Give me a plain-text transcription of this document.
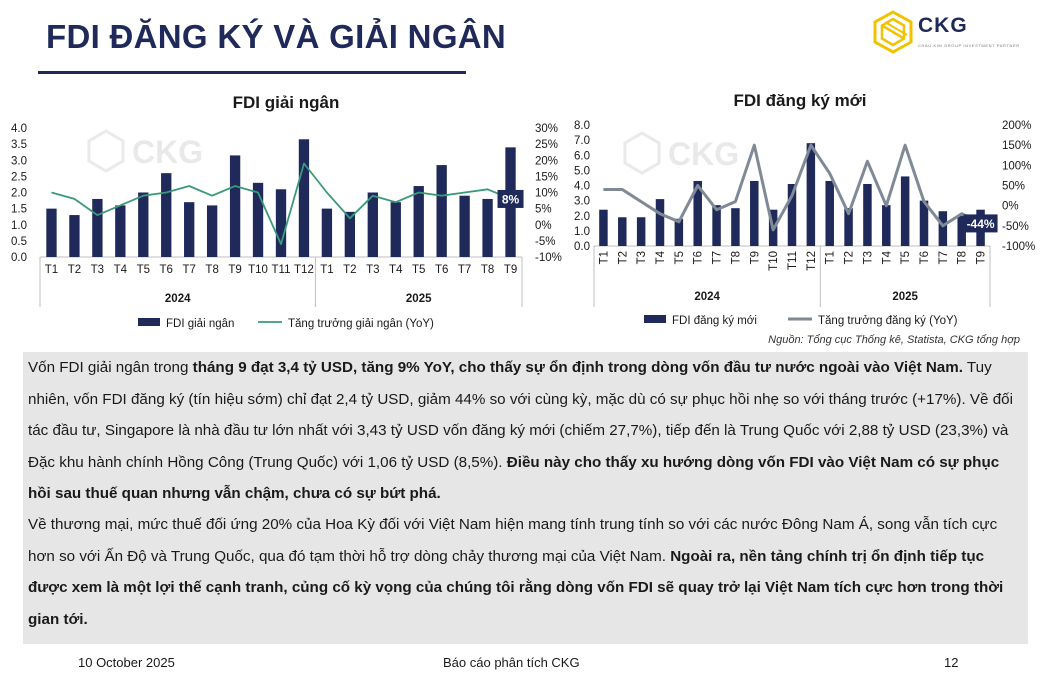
FDI ĐĂNG KÝ VÀ GIẢI NGÂN	CKG
CHAU KIM GROUP INVESTMENT PARTNER
CKG
FDI giải ngân
0.0
0.5
1.0
1.5
2.0
2.5
3.0
3.5
4.0
-10%
-5%
0%
5%
10%
15%
20%
25%
30%
8%
T1 T2 T3 T4 T5 T6 T7 T8 T9 T10 T11 T12 T1 T2 T3 T4 T5 T6 T7 T8 T9
2024	2025
FDI giải ngân	Tăng trưởng giải ngân (YoY)
CKG
FDI đăng ký mới
0.0
1.0
2.0
3.0
4.0
5.0
6.0
7.0
8.0
-100%
-50%
0%
50%
100%
150%
200%
-44%
T1 T2 T3 T4 T5 T6 T7 T8 T9 T10 T11 T12 T1 T2 T3 T4 T5 T6 T7 T8 T9
2024	2025
FDI đăng ký mới	Tăng trưởng đăng ký (YoY)
Nguồn: Tổng cục Thống kê, Statista, CKG tổng hợp

Vốn FDI giải ngân trong tháng 9 đạt 3,4 tỷ USD, tăng 9% YoY, cho thấy sự ổn định trong dòng vốn đầu tư nước ngoài vào Việt Nam. Tuy nhiên, vốn FDI đăng ký (tín hiệu sớm) chỉ đạt 2,4 tỷ USD, giảm 44% so với cùng kỳ, mặc dù có sự phục hồi nhẹ so với tháng trước (+17%). Về đối tác đầu tư, Singapore là nhà đầu tư lớn nhất với 3,43 tỷ USD vốn đăng ký mới (chiếm 27,7%), tiếp đến là Trung Quốc với 2,88 tỷ USD (23,3%) và Đặc khu hành chính Hồng Công (Trung Quốc) với 1,06 tỷ USD (8,5%). Điều này cho thấy xu hướng dòng vốn FDI vào Việt Nam có sự phục hồi sau thuế quan nhưng vẫn chậm, chưa có sự bứt phá.

Về thương mại, mức thuế đối ứng 20% của Hoa Kỳ đối với Việt Nam hiện mang tính trung tính so với các nước Đông Nam Á, song vẫn tích cực hơn so với Ấn Độ và Trung Quốc, qua đó tạm thời hỗ trợ dòng chảy thương mại của Việt Nam. Ngoài ra, nền tảng chính trị ổn định tiếp tục được xem là một lợi thế cạnh tranh, củng cố kỳ vọng của chúng tôi rằng dòng vốn FDI sẽ quay trở lại Việt Nam tích cực hơn trong thời gian tới.

10 October 2025	Báo cáo phân tích CKG	12
